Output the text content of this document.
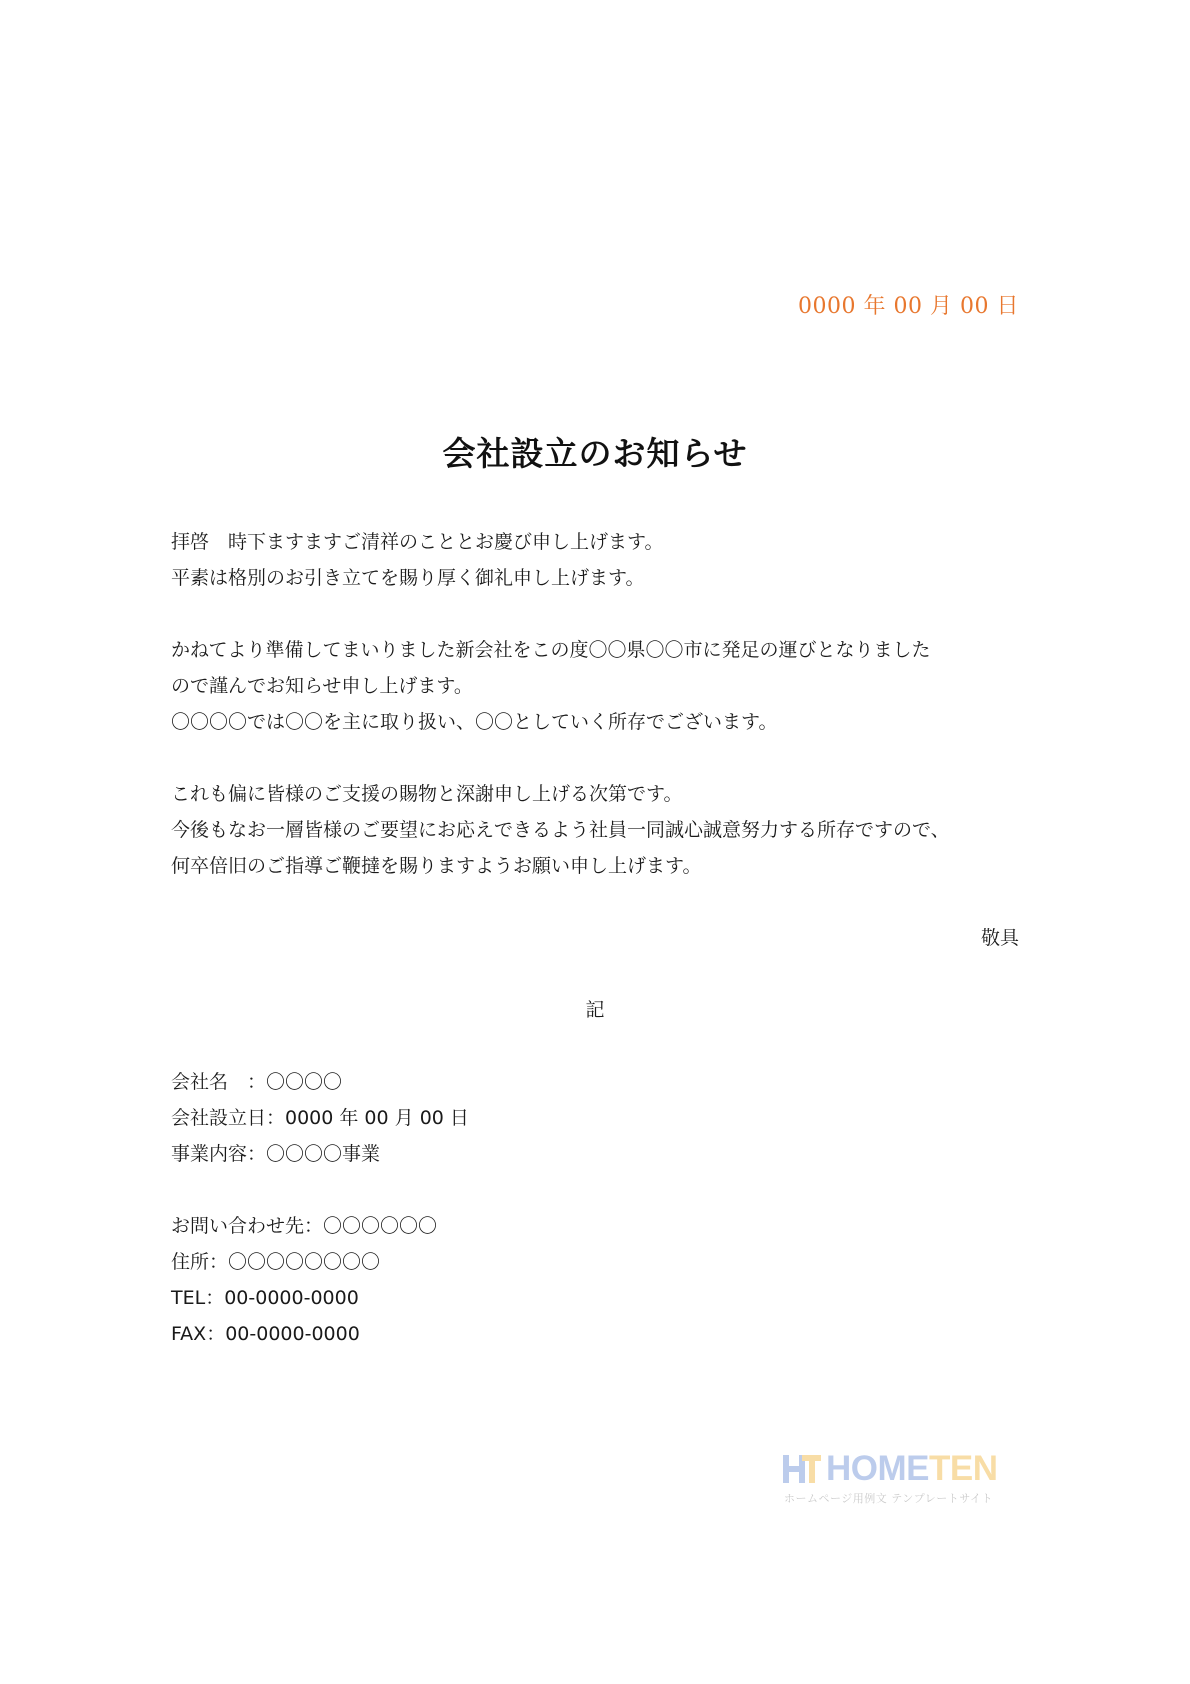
0000 年 00 月 00 日
会社設立のお知らせ
拝啓　時下ますますご清祥のこととお慶び申し上げます。
平素は格別のお引き立てを賜り厚く御礼申し上げます。
かねてより準備してまいりました新会社をこの度〇〇県〇〇市に発足の運びとなりました
ので謹んでお知らせ申し上げます。
〇〇〇〇では〇〇を主に取り扱い、〇〇としていく所存でございます。
これも偏に皆様のご支援の賜物と深謝申し上げる次第です。
今後もなお一層皆様のご要望にお応えできるよう社員一同誠心誠意努力する所存ですので、
何卒倍旧のご指導ご鞭撻を賜りますようお願い申し上げます。
敬具
記
会社名　：〇〇〇〇
会社設立日：0000 年 00 月 00 日
事業内容：〇〇〇〇事業
お問い合わせ先：〇〇〇〇〇〇
住所：〇〇〇〇〇〇〇〇
TEL：00-0000-0000
FAX：00-0000-0000
HOMETEN
ホームページ用例文 テンプレートサイト
